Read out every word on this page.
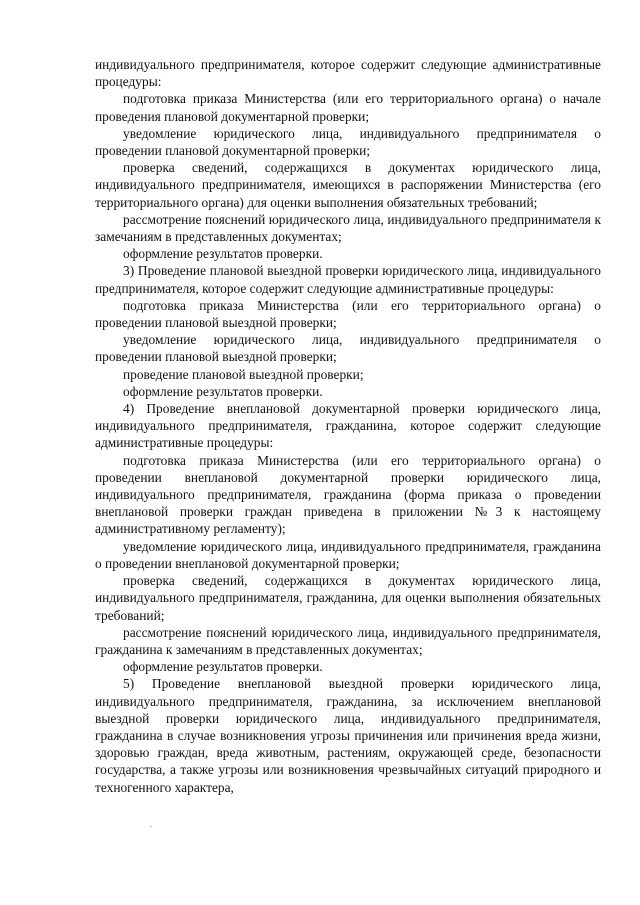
индивидуального предпринимателя, которое содержит следующие административные процедуры:

подготовка приказа Министерства (или его территориального органа) о начале проведения плановой документарной проверки;

уведомление юридического лица, индивидуального предпринимателя о проведении плановой документарной проверки;

проверка сведений, содержащихся в документах юридического лица, индивидуального предпринимателя, имеющихся в распоряжении Министерства (его территориального органа) для оценки выполнения обязательных требований;

рассмотрение пояснений юридического лица, индивидуального предпринимателя к замечаниям в представленных документах;

оформление результатов проверки.

3) Проведение плановой выездной проверки юридического лица, индивидуального предпринимателя, которое содержит следующие административные процедуры:

подготовка приказа Министерства (или его территориального органа) о проведении плановой выездной проверки;

уведомление юридического лица, индивидуального предпринимателя о проведении плановой выездной проверки;

проведение плановой выездной проверки;

оформление результатов проверки.

4) Проведение внеплановой документарной проверки юридического лица, индивидуального предпринимателя, гражданина, которое содержит следующие административные процедуры:

подготовка приказа Министерства (или его территориального органа) о проведении внеплановой документарной проверки юридического лица, индивидуального предпринимателя, гражданина (форма приказа о проведении внеплановой проверки граждан приведена в приложении №3 к настоящему административному регламенту);

уведомление юридического лица, индивидуального предпринимателя, гражданина о проведении внеплановой документарной проверки;

проверка сведений, содержащихся в документах юридического лица, индивидуального предпринимателя, гражданина, для оценки выполнения обязательных требований;

рассмотрение пояснений юридического лица, индивидуального предпринимателя, гражданина к замечаниям в представленных документах;

оформление результатов проверки.

5) Проведение внеплановой выездной проверки юридического лица, индивидуального предпринимателя, гражданина, за исключением внеплановой выездной проверки юридического лица, индивидуального предпринимателя, гражданина в случае возникновения угрозы причинения или причинения вреда жизни, здоровью граждан, вреда животным, растениям, окружающей среде, безопасности государства, а также угрозы или возникновения чрезвычайных ситуаций природного и техногенного характера,
